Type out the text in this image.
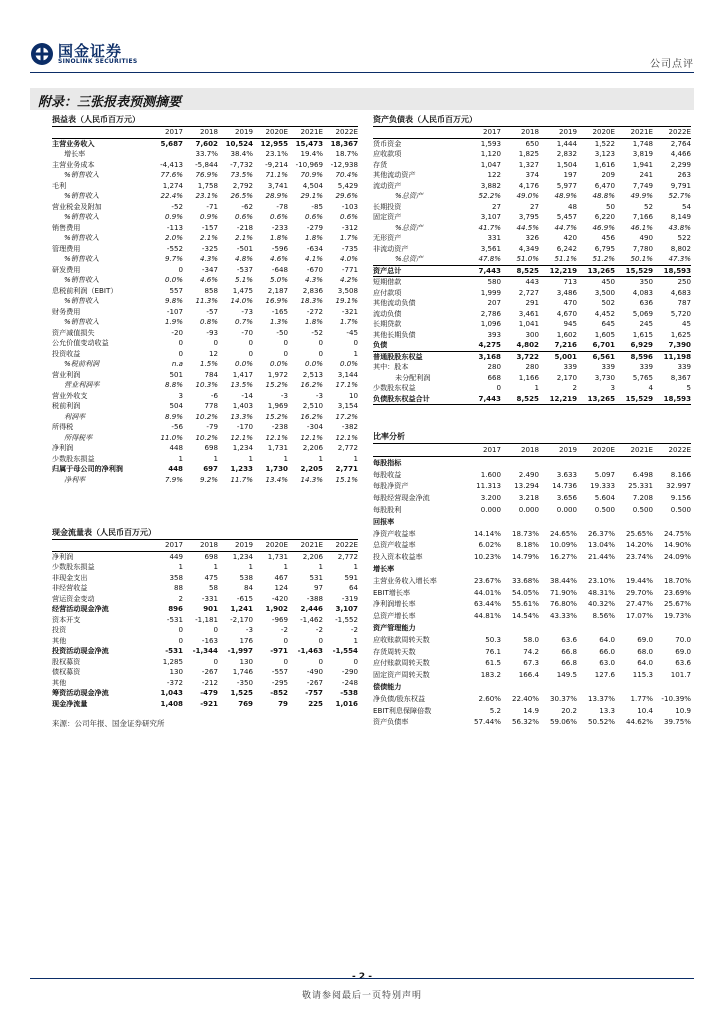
国金证券
SINOLINK SECURITIES	公司点评
附录：三张报表预测摘要
损益表（人民币百万元）
	2017	2018	2019	2020E	2021E	2022E
主营业务收入	5,687	7,602	10,524	12,955	15,473	18,367
增长率		33.7%	38.4%	23.1%	19.4%	18.7%
主营业务成本	-4,413	-5,844	-7,732	-9,214	-10,969	-12,938
%销售收入	77.6%	76.9%	73.5%	71.1%	70.9%	70.4%
毛利	1,274	1,758	2,792	3,741	4,504	5,429
%销售收入	22.4%	23.1%	26.5%	28.9%	29.1%	29.6%
营业税金及附加	-52	-71	-62	-78	-85	-103
%销售收入	0.9%	0.9%	0.6%	0.6%	0.6%	0.6%
销售费用	-113	-157	-218	-233	-279	-312
%销售收入	2.0%	2.1%	2.1%	1.8%	1.8%	1.7%
管理费用	-552	-325	-501	-596	-634	-735
%销售收入	9.7%	4.3%	4.8%	4.6%	4.1%	4.0%
研发费用	0	-347	-537	-648	-670	-771
%销售收入	0.0%	4.6%	5.1%	5.0%	4.3%	4.2%
息税前利润（EBIT）	557	858	1,475	2,187	2,836	3,508
%销售收入	9.8%	11.3%	14.0%	16.9%	18.3%	19.1%
财务费用	-107	-57	-73	-165	-272	-321
%销售收入	1.9%	0.8%	0.7%	1.3%	1.8%	1.7%
资产减值损失	-20	-93	-70	-50	-52	-45
公允价值变动收益	0	0	0	0	0	0
投资收益	0	12	0	0	0	1
%税前利润	n.a	1.5%	0.0%	0.0%	0.0%	0.0%
营业利润	501	784	1,417	1,972	2,513	3,144
营业利润率	8.8%	10.3%	13.5%	15.2%	16.2%	17.1%
营业外收支	3	-6	-14	-3	-3	10
税前利润	504	778	1,403	1,969	2,510	3,154
利润率	8.9%	10.2%	13.3%	15.2%	16.2%	17.2%
所得税	-56	-79	-170	-238	-304	-382
所得税率	11.0%	10.2%	12.1%	12.1%	12.1%	12.1%
净利润	448	698	1,234	1,731	2,206	2,772
少数股东损益	1	1	1	1	1	1
归属于母公司的净利润	448	697	1,233	1,730	2,205	2,771
净利率	7.9%	9.2%	11.7%	13.4%	14.3%	15.1%
资产负债表（人民币百万元）
	2017	2018	2019	2020E	2021E	2022E
货币资金	1,593	650	1,444	1,522	1,748	2,764
应收款项	1,120	1,825	2,832	3,123	3,819	4,466
存货	1,047	1,327	1,504	1,616	1,941	2,299
其他流动资产	122	374	197	209	241	263
流动资产	3,882	4,176	5,977	6,470	7,749	9,791
%总资产	52.2%	49.0%	48.9%	48.8%	49.9%	52.7%
长期投资	27	27	48	50	52	54
固定资产	3,107	3,795	5,457	6,220	7,166	8,149
%总资产	41.7%	44.5%	44.7%	46.9%	46.1%	43.8%
无形资产	331	326	420	456	490	522
非流动资产	3,561	4,349	6,242	6,795	7,780	8,802
%总资产	47.8%	51.0%	51.1%	51.2%	50.1%	47.3%
资产总计	7,443	8,525	12,219	13,265	15,529	18,593
短期借款	580	443	713	450	350	250
应付款项	1,999	2,727	3,486	3,500	4,083	4,683
其他流动负债	207	291	470	502	636	787
流动负债	2,786	3,461	4,670	4,452	5,069	5,720
长期贷款	1,096	1,041	945	645	245	45
其他长期负债	393	300	1,602	1,605	1,615	1,625
负债	4,275	4,802	7,216	6,701	6,929	7,390
普通股股东权益	3,168	3,722	5,001	6,561	8,596	11,198
其中：股本	280	280	339	339	339	339
未分配利润	668	1,166	2,170	3,730	5,765	8,367
少数股东权益	0	1	2	3	4	5
负债股东权益合计	7,443	8,525	12,219	13,265	15,529	18,593
现金流量表（人民币百万元）
	2017	2018	2019	2020E	2021E	2022E
净利润	449	698	1,234	1,731	2,206	2,772
少数股东损益	1	1	1	1	1	1
非现金支出	358	475	538	467	531	591
非经营收益	88	58	84	124	97	64
营运资金变动	2	-331	-615	-420	-388	-319
经营活动现金净流	896	901	1,241	1,902	2,446	3,107
资本开支	-531	-1,181	-2,170	-969	-1,462	-1,552
投资	0	0	-3	-2	-2	-2
其他	0	-163	176	0	0	1
投资活动现金净流	-531	-1,344	-1,997	-971	-1,463	-1,554
股权募资	1,285	0	130	0	0	0
债权募资	130	-267	1,746	-557	-490	-290
其他	-372	-212	-350	-295	-267	-248
筹资活动现金净流	1,043	-479	1,525	-852	-757	-538
现金净流量	1,408	-921	769	79	225	1,016
比率分析
	2017	2018	2019	2020E	2021E	2022E
每股指标						
每股收益	1.600	2.490	3.633	5.097	6.498	8.166
每股净资产	11.313	13.294	14.736	19.333	25.331	32.997
每股经营现金净流	3.200	3.218	3.656	5.604	7.208	9.156
每股股利	0.000	0.000	0.000	0.500	0.500	0.500
回报率						
净资产收益率	14.14%	18.73%	24.65%	26.37%	25.65%	24.75%
总资产收益率	6.02%	8.18%	10.09%	13.04%	14.20%	14.90%
投入资本收益率	10.23%	14.79%	16.27%	21.44%	23.74%	24.09%
增长率						
主营业务收入增长率	23.67%	33.68%	38.44%	23.10%	19.44%	18.70%
EBIT增长率	44.01%	54.05%	71.90%	48.31%	29.70%	23.69%
净利润增长率	63.44%	55.61%	76.80%	40.32%	27.47%	25.67%
总资产增长率	44.81%	14.54%	43.33%	8.56%	17.07%	19.73%
资产管理能力						
应收账款周转天数	50.3	58.0	63.6	64.0	69.0	70.0
存货周转天数	76.1	74.2	66.8	66.0	68.0	69.0
应付账款周转天数	61.5	67.3	66.8	63.0	64.0	63.6
固定资产周转天数	183.2	166.4	149.5	127.6	115.3	101.7
偿债能力						
净负债/股东权益	2.60%	22.40%	30.37%	13.37%	1.77%	-10.39%
EBIT利息保障倍数	5.2	14.9	20.2	13.3	10.4	10.9
资产负债率	57.44%	56.32%	59.06%	50.52%	44.62%	39.75%
来源：公司年报、国金证券研究所
- 2 -
敬请参阅最后一页特别声明
